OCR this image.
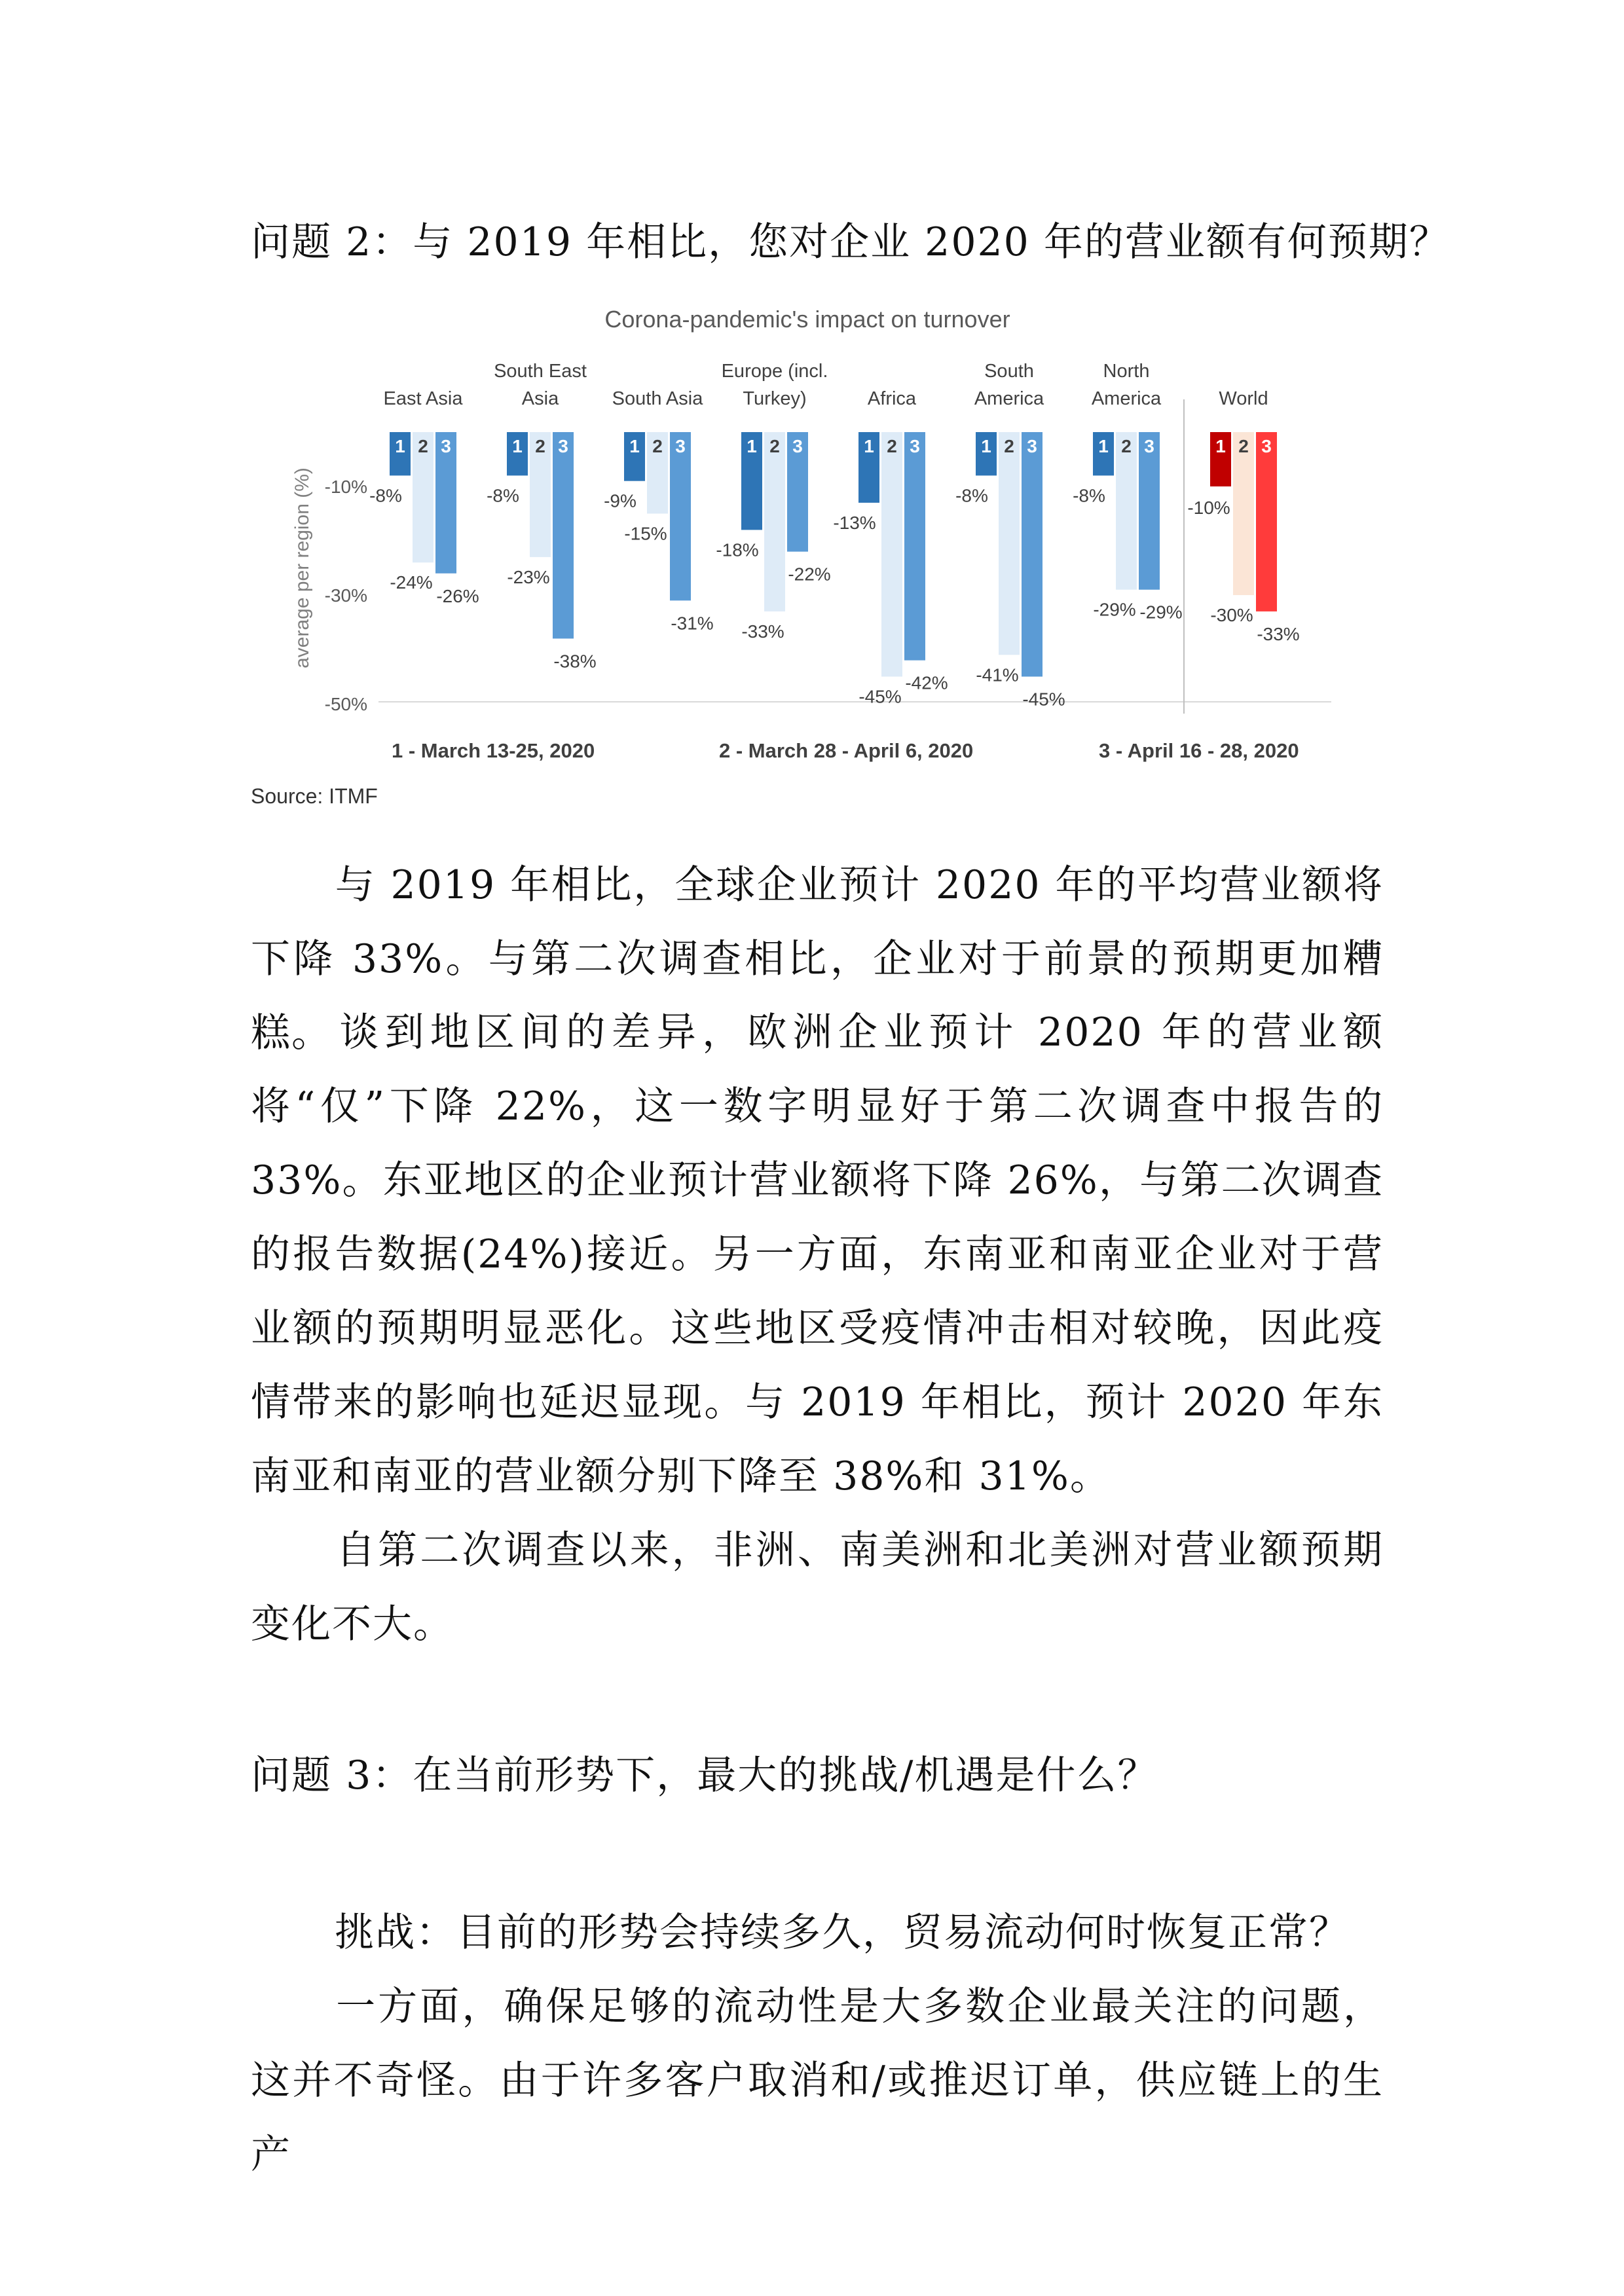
问题 2：与 2019 年相比，您对企业 2020 年的营业额有何预期？
Corona-pandemic's impact on turnover
average per region (%) -10%
-30%
-50%
East Asia
1
-8%
2
-24%
3
-26%
South East
Asia
1
-8%
2
-23%
3
-38%
South Asia
1
-9%
2
-15%
3
-31%
Europe (incl.
Turkey)
1
-18%
2
-33%
3
-22%
Africa
1
-13%
2
-45%
3
-42%
South
America
1
-8%
2
-41%
3
-45%
North
America
1
-8%
2
-29%
3
-29%
World
1
-10%
2
-30%
3
-33%
1 - March 13-25, 2020	2 - March 28 - April 6, 2020	3 - April 16 - 28, 2020
Source: ITMF

与 2019 年相比，全球企业预计 2020 年的平均营业额将下降 33%。与第二次调查相比，企业对于前景的预期更加糟糕。 谈到地区间的差异，欧洲企业预计 2020 年的营业额将“仅”下降 22%，这一数字明显好于第二次调查中报告的 33%。东亚地区的企业预计营业额将下降 26%，与第二次调查的报告数据(24%)接近。另一方面，东南亚和南亚企业对于营业额的预期明显恶化。这些地区受疫情冲击相对较晚，因此疫情带来的影响也延迟显现。与 2019 年相比，预计 2020 年东南亚和南亚的营业额分别下降至 38%和 31%。

自第二次调查以来，非洲、南美洲和北美洲对营业额预期变化不大。

问题 3：在当前形势下，最大的挑战/机遇是什么？

挑战：目前的形势会持续多久，贸易流动何时恢复正常？

一方面，确保足够的流动性是大多数企业最关注的问题，这并不奇怪。由于许多客户取消和/或推迟订单，供应链上的生产
